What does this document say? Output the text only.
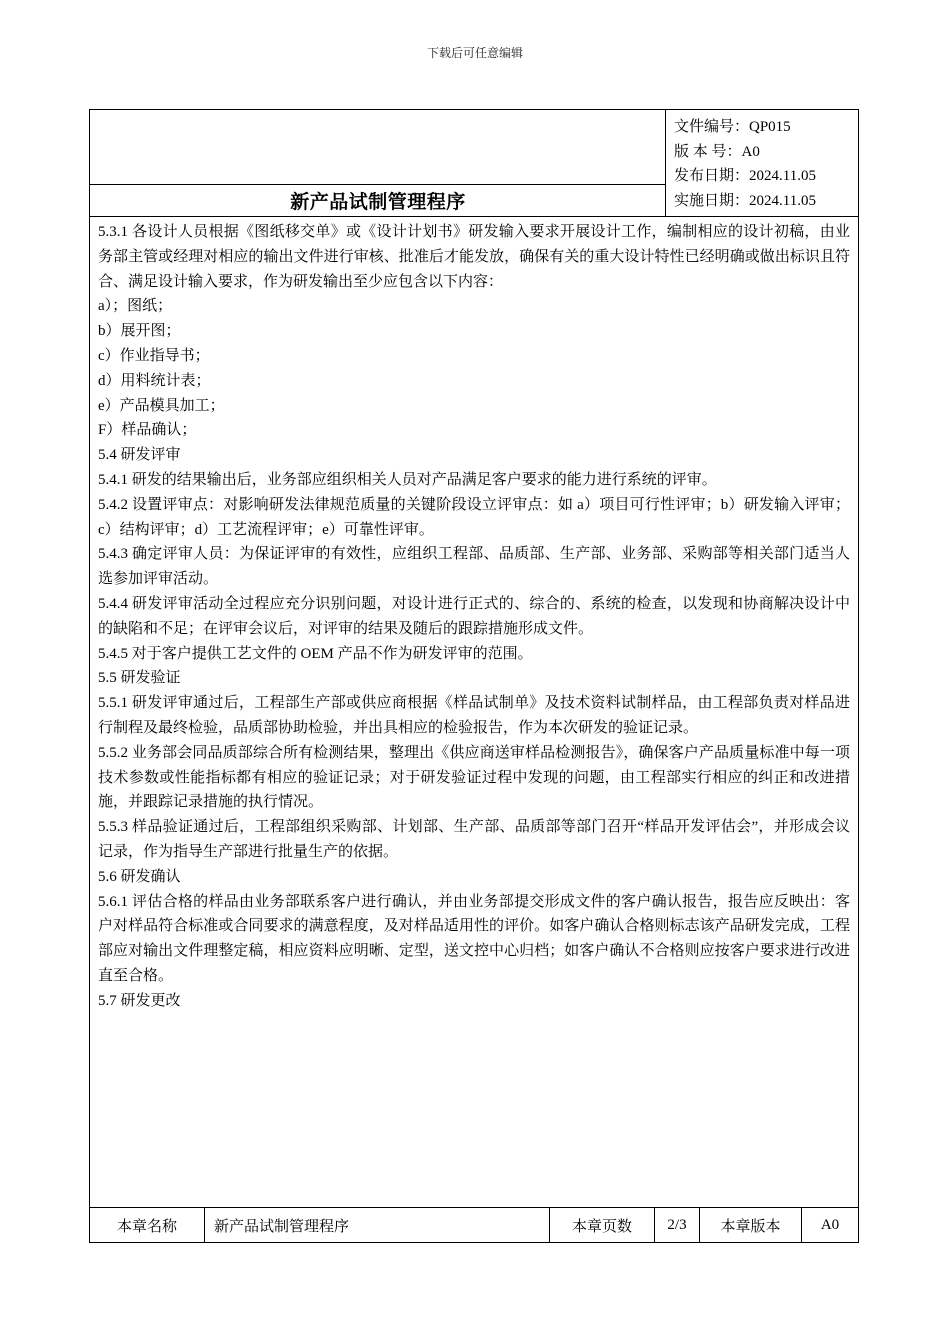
下载后可任意编辑
新产品试制管理程序
文件编号：QP015
版 本 号：A0
发布日期：2024.11.05
实施日期：2024.11.05

5.3.1 各设计人员根据《图纸移交单》或《设计计划书》研发输入要求开展设计工作，编制相应的设计初稿，由业务部主管或经理对相应的输出文件进行审核、批准后才能发放，确保有关的重大设计特性已经明确或做出标识且符合、满足设计输入要求，作为研发输出至少应包含以下内容：

a）；图纸；

b）展开图；

c）作业指导书；

d）用料统计表；

e）产品模具加工；

F）样品确认；

5.4 研发评审

5.4.1 研发的结果输出后，业务部应组织相关人员对产品满足客户要求的能力进行系统的评审。

5.4.2 设置评审点：对影响研发法律规范质量的关键阶段设立评审点：如 a）项目可行性评审；b）研发输入评审；c）结构评审；d）工艺流程评审；e）可靠性评审。

5.4.3 确定评审人员：为保证评审的有效性，应组织工程部、品质部、生产部、业务部、采购部等相关部门适当人选参加评审活动。

5.4.4 研发评审活动全过程应充分识别问题，对设计进行正式的、综合的、系统的检查，以发现和协商解决设计中的缺陷和不足；在评审会议后，对评审的结果及随后的跟踪措施形成文件。

5.4.5 对于客户提供工艺文件的 OEM 产品不作为研发评审的范围。

5.5 研发验证

5.5.1 研发评审通过后，工程部生产部或供应商根据《样品试制单》及技术资料试制样品，由工程部负责对样品进行制程及最终检验，品质部协助检验，并出具相应的检验报告，作为本次研发的验证记录。

5.5.2 业务部会同品质部综合所有检测结果，整理出《供应商送审样品检测报告》，确保客户产品质量标准中每一项技术参数或性能指标都有相应的验证记录；对于研发验证过程中发现的问题，由工程部实行相应的纠正和改进措施，并跟踪记录措施的执行情况。

5.5.3 样品验证通过后，工程部组织采购部、计划部、生产部、品质部等部门召开“样品开发评估会”，并形成会议记录，作为指导生产部进行批量生产的依据。

5.6 研发确认

5.6.1 评估合格的样品由业务部联系客户进行确认，并由业务部提交形成文件的客户确认报告，报告应反映出：客户对样品符合标准或合同要求的满意程度，及对样品适用性的评价。如客户确认合格则标志该产品研发完成，工程部应对输出文件理整定稿，相应资料应明晰、定型，送文控中心归档；如客户确认不合格则应按客户要求进行改进直至合格。

5.7 研发更改

本章名称	新产品试制管理程序	本章页数	2/3	本章版本	A0
